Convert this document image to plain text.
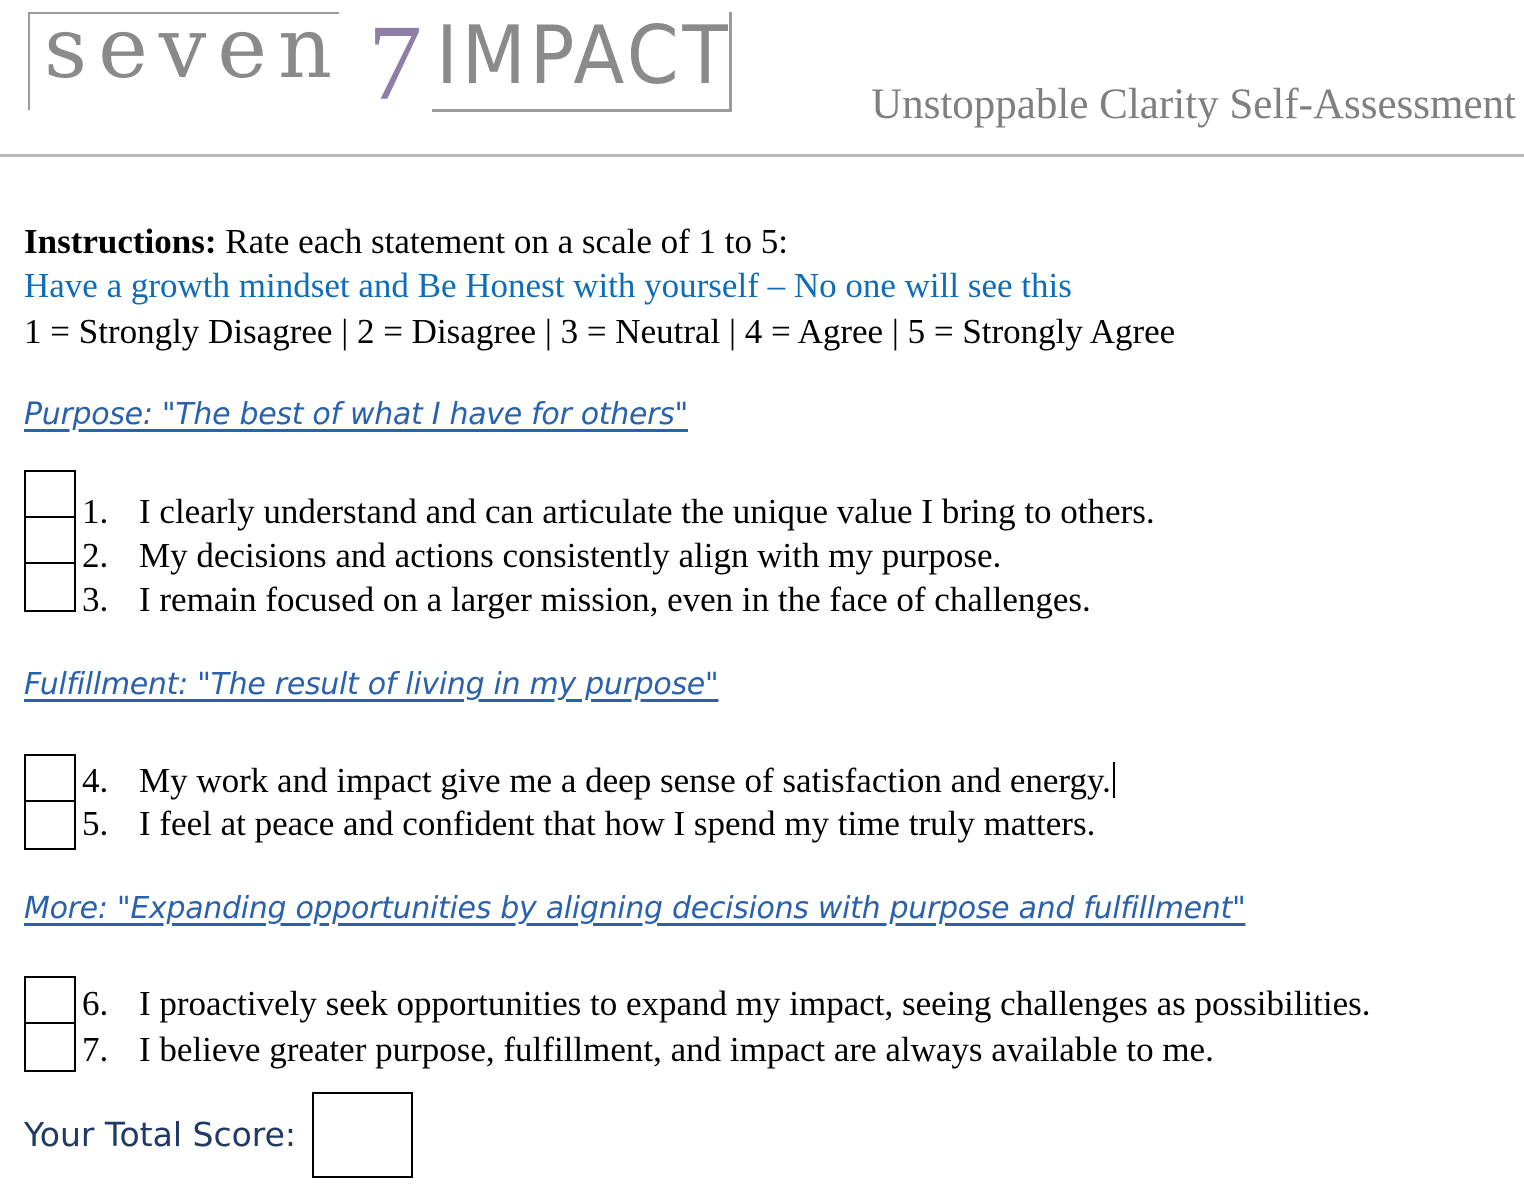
seven 7 IMPACT
Unstoppable Clarity Self-Assessment
Instructions: Rate each statement on a scale of 1 to 5:
Have a growth mindset and Be Honest with yourself – No one will see this
1 = Strongly Disagree | 2 = Disagree | 3 = Neutral | 4 = Agree | 5 = Strongly Agree
Purpose: "The best of what I have for others"
1. I clearly understand and can articulate the unique value I bring to others.
2. My decisions and actions consistently align with my purpose.
3. I remain focused on a larger mission, even in the face of challenges.
Fulfillment: "The result of living in my purpose"
4. My work and impact give me a deep sense of satisfaction and energy.
5. I feel at peace and confident that how I spend my time truly matters.
More: "Expanding opportunities by aligning decisions with purpose and fulfillment"
6. I proactively seek opportunities to expand my impact, seeing challenges as possibilities.
7. I believe greater purpose, fulfillment, and impact are always available to me.
Your Total Score:
